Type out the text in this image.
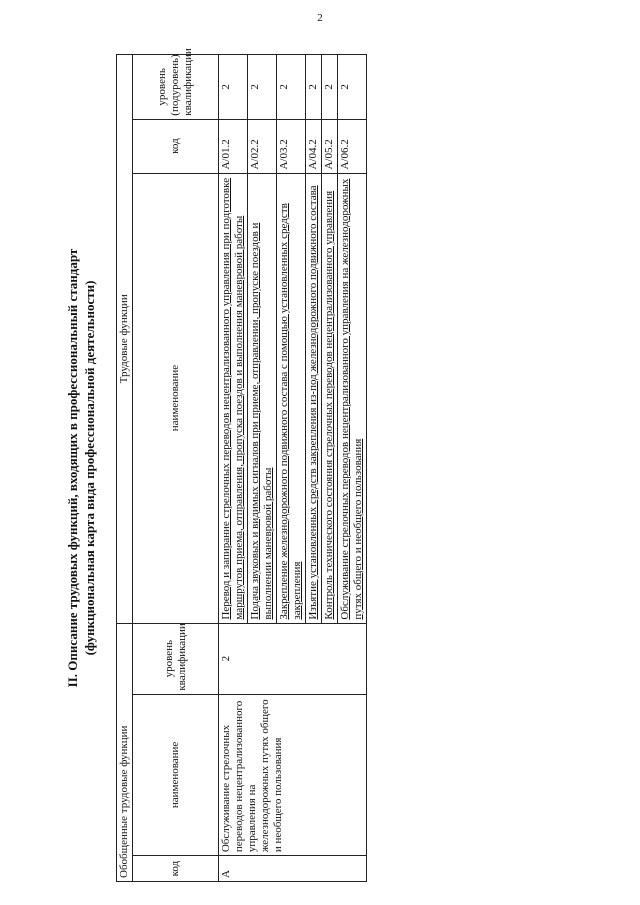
2
II. Описание трудовых функций, входящих в профессиональный стандарт (функциональная карта вида профессиональной деятельности)
Обобщенные трудовые функции			Трудовые функции		
код	наименование	уровень квалификации	наименование	код	уровень (подуровень) квалификации
А	Обслуживание стрелочных переводов нецентрализованного управления на железнодорожных путях общего и необщего пользования	2	Перевод и запирание стрелочных переводов нецентрализованного управления при подготовке маршрутов приема, отправления, пропуска поездов и выполнения маневровой работы	A/01.2	2
			Подача звуковых и видимых сигналов при приеме, отправлении, пропуске поездов и выполнении маневровой работы	A/02.2	2
			Закрепление железнодорожного подвижного состава с помощью установленных средств закрепления	A/03.2	2
			Изъятие установленных средств закрепления из-под железнодорожного подвижного состава	A/04.2	2
			Контроль технического состояния стрелочных переводов нецентрализованного управления	A/05.2	2
			Обслуживание стрелочных переводов нецентрализованного управления на железнодорожных путях общего и необщего пользования	A/06.2	2
